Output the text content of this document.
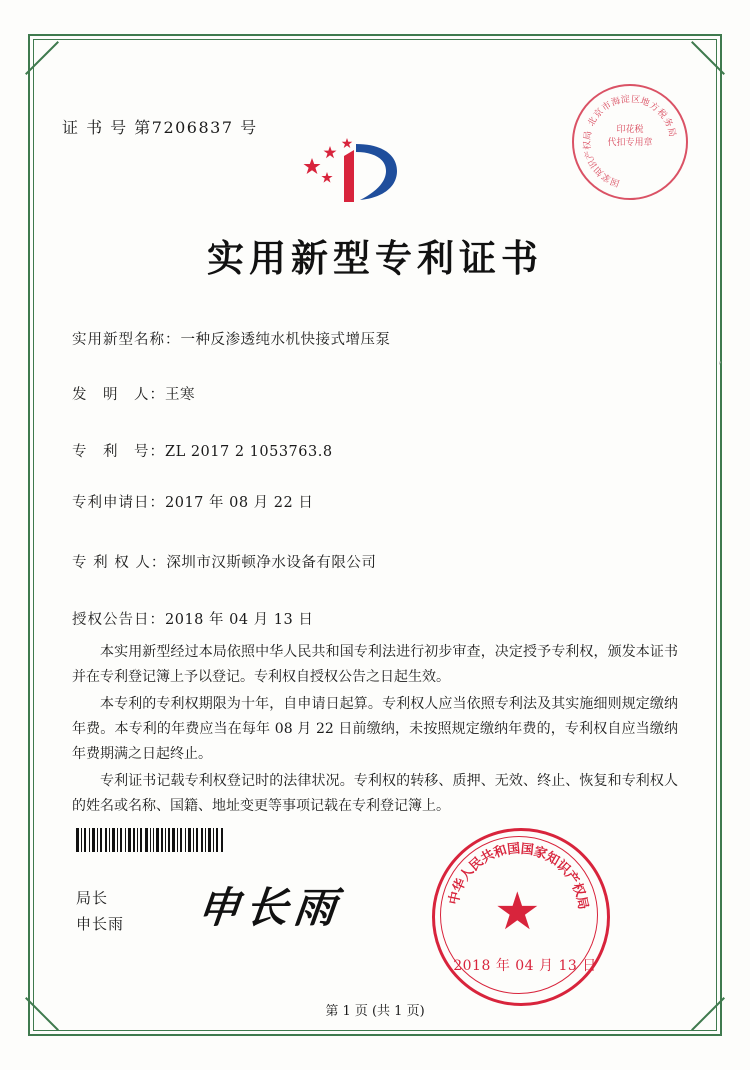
证 书 号 第7206837 号	北
京
市
海
淀 区
地
方
税
务
局
印花税
代扣专用章
国
家
知
识
产
权
局
实用新型专利证书
实用新型名称：一种反渗透纯水机快接式增压泵
发　明　人：王寒
专　利　号：ZL 2017 2 1053763.8
专利申请日：2017 年 08 月 22 日
专 利 权 人：深圳市汉斯顿净水设备有限公司
授权公告日：2018 年 04 月 13 日

本实用新型经过本局依照中华人民共和国专利法进行初步审查，决定授予专利权，颁发本证书并在专利登记簿上予以登记。专利权自授权公告之日起生效。

本专利的专利权期限为十年，自申请日起算。专利权人应当依照专利法及其实施细则规定缴纳年费。本专利的年费应当在每年 08 月 22 日前缴纳，未按照规定缴纳年费的，专利权自应当缴纳年费期满之日起终止。

专利证书记载专利权登记时的法律状况。专利权的转移、质押、无效、终止、恢复和专利权人的姓名或名称、国籍、地址变更等事项记载在专利登记簿上。

局长
申长雨 申长雨	★
中
华
人
民
共
和
国
国
家
知
识
产
权
局
2018 年 04 月 13 日
第 1 页 (共 1 页)
,
